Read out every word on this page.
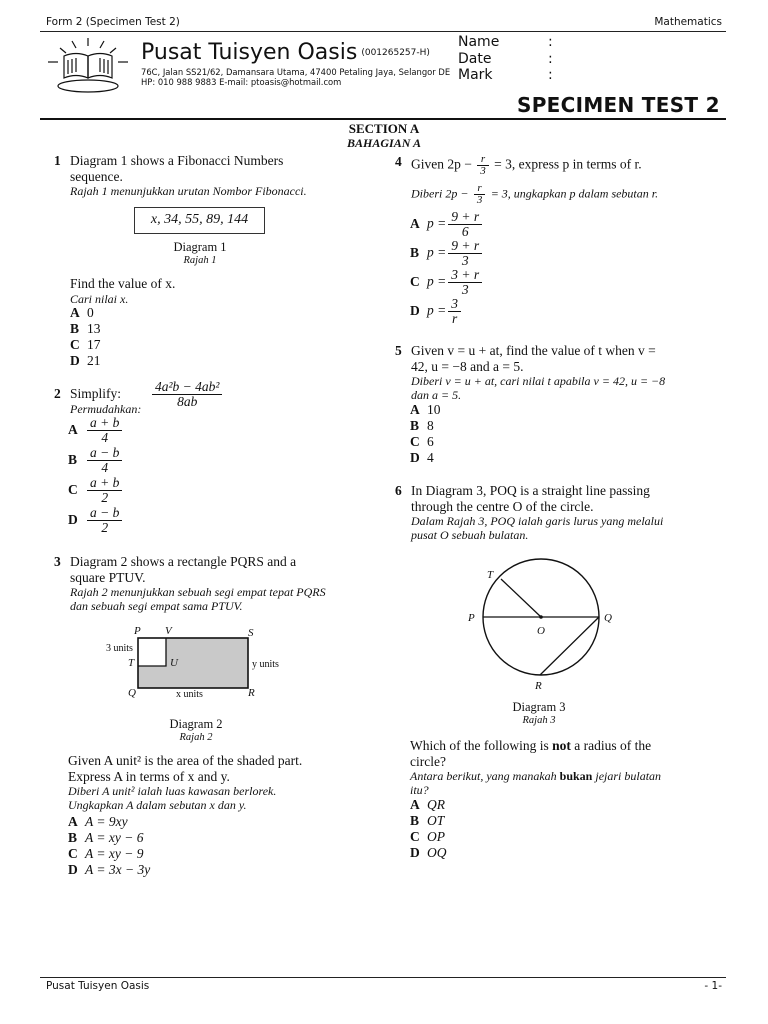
Form 2 (Specimen Test 2)	Mathematics
Pusat Tuisyen Oasis (001265257-H)
76C, Jalan SS21/62, Damansara Utama, 47400 Petaling Jaya, Selangor DE
HP: 010 988 9883 E-mail: ptoasis@hotmail.com
Name	:
Date	:
Mark	:
SPECIMEN TEST 2
SECTION A
BAHAGIAN A
1 Diagram 1 shows a Fibonacci Numbers sequence.
Rajah 1 menunjukkan urutan Nombor Fibonacci.
x, 34, 55, 89, 144
Diagram 1
Rajah 1
Find the value of x.
Cari nilai x.
A 0
B 13
C 17
D 21
2 Simplify:
Permudahkan: $\frac{\text{4a²b − 4ab²}}{8ab}$
A $\frac{a + b}{4}$
B $\frac{a - b}{4}$
C $\frac{a + b}{2}$
D $\frac{a - b}{2}$
3 Diagram 2 shows a rectangle PQRS and a square PTUV.
Rajah 2 menunjukkan sebuah segi empat tepat PQRS dan sebuah segi empat sama PTUV.
P V	S
T	U
Q	R
3 units
y units
x units
Diagram 2
Rajah 2
Given A unit² is the area of the shaded part.
Express A in terms of x and y.
Diberi A unit² ialah luas kawasan berlorek.
Ungkapkan A dalam sebutan x dan y.
A A = 9xy
B A = xy − 6
C A = xy − 9
D A = 3x − 3y
4 Given $2p - \frac{r}{3} = 3$, express p in terms of r.
Diberi $2p - \frac{r}{3} = 3$, ungkapkan p dalam sebutan r.
A $p = \frac{9 + r}{6}$
B $p = \frac{9 + r}{3}$
C $p = \frac{3 + r}{3}$
D $p = \frac{3}{r}$
5 Given v = u + at, find the value of t when v = 42, u = −8 and a = 5.
Diberi v = u + at, cari nilai t apabila v = 42, u = −8 dan a = 5.
A 10
B 8
C 6
D 4
6 In Diagram 3, POQ is a straight line passing through the centre O of the circle.
Dalam Rajah 3, POQ ialah garis lurus yang melalui pusat O sebuah bulatan.
T
P
O
Q
R
Diagram 3
Rajah 3
Which of the following is not a radius of the circle?
Antara berikut, yang manakah bukan jejari bulatan itu?
A QR
B OT
C OP
D OQ
Pusat Tuisyen Oasis	- 1-
